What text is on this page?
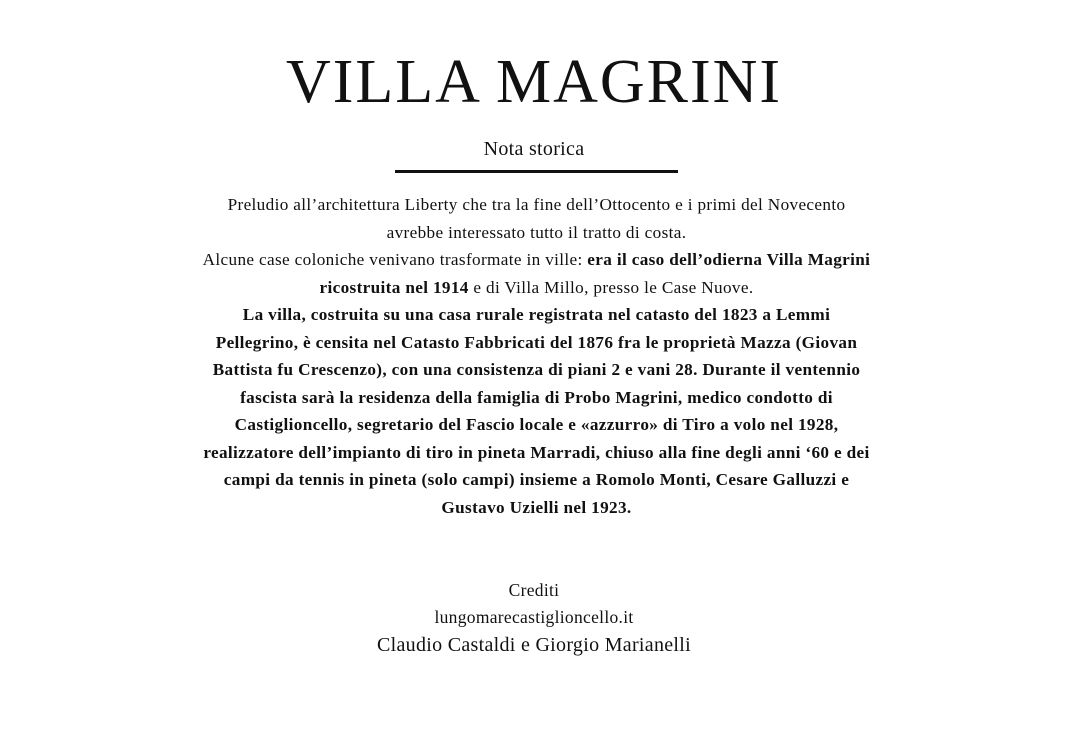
VILLA MAGRINI
Nota storica

Preludio all’architettura Liberty che tra la fine dell’Ottocento e i primi del Novecento avrebbe interessato tutto il tratto di costa.

Alcune case coloniche venivano trasformate in ville: era il caso dell’odierna Villa Magrini ricostruita nel 1914 e di Villa Millo, presso le Case Nuove.

La villa, costruita su una casa rurale registrata nel catasto del 1823 a Lemmi Pellegrino, è censita nel Catasto Fabbricati del 1876 fra le proprietà Mazza (Giovan Battista fu Crescenzo), con una consistenza di piani 2 e vani 28. Durante il ventennio fascista sarà la residenza della famiglia di Probo Magrini, medico condotto di Castiglioncello, segretario del Fascio locale e «azzurro» di Tiro a volo nel 1928, realizzatore dell’impianto di tiro in pineta Marradi, chiuso alla fine degli anni ‘60 e dei campi da tennis in pineta (solo campi) insieme a Romolo Monti, Cesare Galluzzi e Gustavo Uzielli nel 1923.

Crediti
lungomarecastiglioncello.it
Claudio Castaldi e Giorgio Marianelli
